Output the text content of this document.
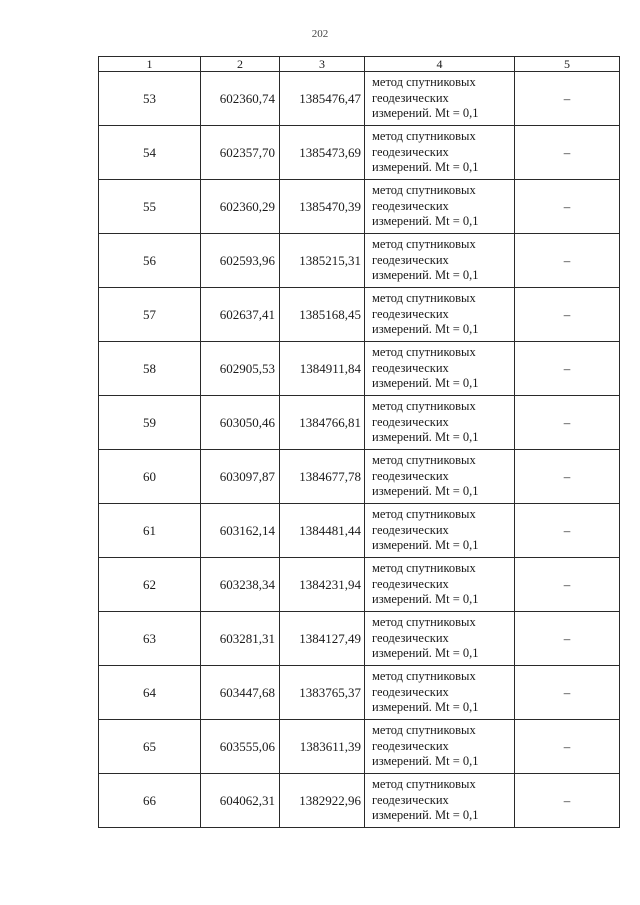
202
1	2	3	4	5
53	602360,74	1385476,47	метод спутниковых
геодезических
измерений. Mt = 0,1	–
54	602357,70	1385473,69	метод спутниковых
геодезических
измерений. Mt = 0,1	–
55	602360,29	1385470,39	метод спутниковых
геодезических
измерений. Mt = 0,1	–
56	602593,96	1385215,31	метод спутниковых
геодезических
измерений. Mt = 0,1	–
57	602637,41	1385168,45	метод спутниковых
геодезических
измерений. Mt = 0,1	–
58	602905,53	1384911,84	метод спутниковых
геодезических
измерений. Mt = 0,1	–
59	603050,46	1384766,81	метод спутниковых
геодезических
измерений. Mt = 0,1	–
60	603097,87	1384677,78	метод спутниковых
геодезических
измерений. Mt = 0,1	–
61	603162,14	1384481,44	метод спутниковых
геодезических
измерений. Mt = 0,1	–
62	603238,34	1384231,94	метод спутниковых
геодезических
измерений. Mt = 0,1	–
63	603281,31	1384127,49	метод спутниковых
геодезических
измерений. Mt = 0,1	–
64	603447,68	1383765,37	метод спутниковых
геодезических
измерений. Mt = 0,1	–
65	603555,06	1383611,39	метод спутниковых
геодезических
измерений. Mt = 0,1	–
66	604062,31	1382922,96	метод спутниковых
геодезических
измерений. Mt = 0,1	–
